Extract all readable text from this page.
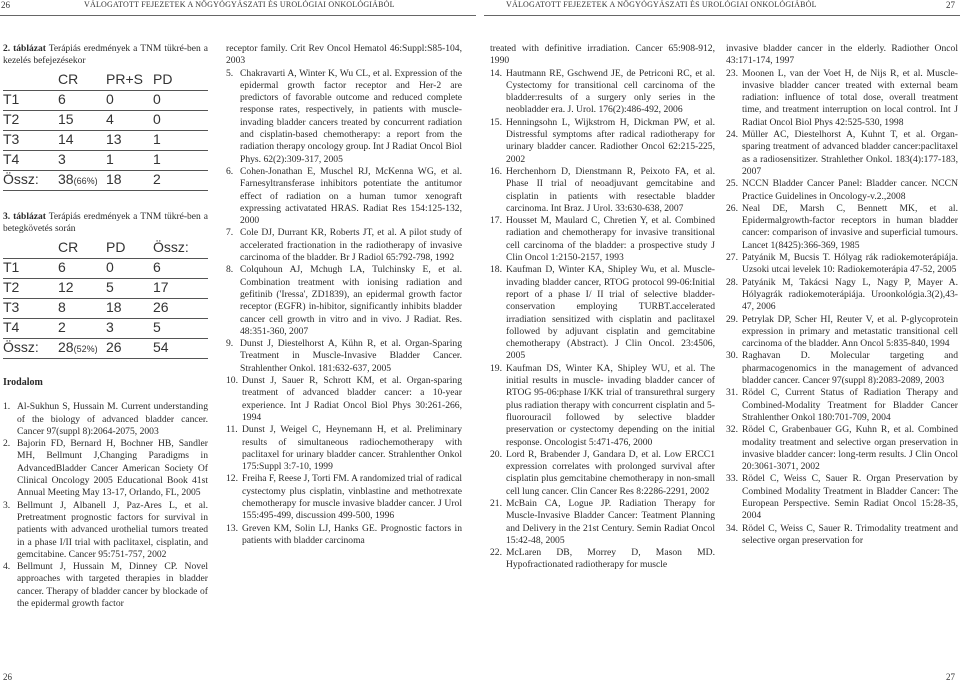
26	VÁLOGATOTT FEJEZETEK A NŐGYÓGYÁSZATI ÉS UROLÓGIAI ONKOLÓGIÁBÓL	VÁLOGATOTT FEJEZETEK A NŐGYÓGYÁSZATI ÉS UROLÓGIAI ONKOLÓGIÁBÓL	27
2. táblázat Terápiás eredmények a TNM tükré-ben a kezelés befejezésekor
CR PR+S PD
T1	6	0	0
T2	15 4	0
T3	14 13 1
T4	3	1	1
Össz: 38(66%) 18 2
3. táblázat Terápiás eredmények a TNM tükré-ben a betegkövetés során
CR PD Össz:
T1	6	0	6
T2	12 5	17
T3	8	18 26
T4	2	3	5
Össz: 28(52%) 26 54
Irodalom
1. Al-Sukhun S, Hussain M. Current understanding of the biology of advanced bladder cancer. Cancer 97(suppl 8):2064-2075, 2003
2. Bajorin FD, Bernard H, Bochner HB, Sandler MH, Bellmunt J,Changing Paradigms in AdvancedBladder Cancer American Society Of Clinical Oncology 2005 Educational Book 41st Annual Meeting May 13-17, Orlando, FL, 2005
3. Bellmunt J, Albanell J, Paz-Ares L, et al. Pretreatment prognostic factors for survival in patients with advanced urothelial tumors treated in a phase I/II trial with paclitaxel, cisplatin, and gemcitabine. Cancer 95:751-757, 2002
4. Bellmunt J, Hussain M, Dinney CP. Novel approaches with targeted therapies in bladder cancer. Therapy of bladder cancer by blockade of the epidermal growth factor
receptor family. Crit Rev Oncol Hematol 46:Suppl:S85-104, 2003
5. Chakravarti A, Winter K, Wu CL, et al. Expression of the epidermal growth factor receptor and Her-2 are predictors of favorable outcome and reduced complete response rates, respectively, in patients with muscle-invading bladder cancers treated by concurrent radiation and cisplatin-based chemotherapy: a report from the radiation therapy oncology group. Int J Radiat Oncol Biol Phys. 62(2):309-317, 2005
6. Cohen-Jonathan E, Muschel RJ, McKenna WG, et al. Farnesyltransferase inhibitors potentiate the antitumor effect of radiation on a human tumor xenograft expressing activatated HRAS. Radiat Res 154:125-132, 2000
7. Cole DJ, Durrant KR, Roberts JT, et al. A pilot study of accelerated fractionation in the radiotherapy of invasive carcinoma of the bladder. Br J Radiol 65:792-798, 1992
8. Colquhoun AJ, Mchugh LA, Tulchinsky E, et al. Combination treatment with ionising radiation and gefitinib ('Iressa', ZD1839), an epidermal growth factor receptor (EGFR) in-hibitor, significantly inhibits bladder cancer cell growth in vitro and in vivo. J Radiat. Res. 48:351-360, 2007
9. Dunst J, Diestelhorst A, Kühn R, et al. Organ-Sparing Treatment in Muscle-Invasive Bladder Cancer. Strahlenther Onkol. 181:632-637, 2005
10. Dunst J, Sauer R, Schrott KM, et al. Organ-sparing treatment of advanced bladder cancer: a 10-year experience. Int J Radiat Oncol Biol Phys 30:261-266, 1994
11. Dunst J, Weigel C, Heynemann H, et al. Preliminary results of simultaneous radiochemotherapy with paclitaxel for urinary bladder cancer. Strahlenther Onkol 175:Suppl 3:7-10, 1999
12. Freiha F, Reese J, Torti FM. A randomized trial of radical cystectomy plus cisplatin, vinblastine and methotrexate chemotherapy for muscle invasive bladder cancer. J Urol 155:495-499, discussion 499-500, 1996
13. Greven KM, Solin LJ, Hanks GE. Prognostic factors in patients with bladder carcinoma
treated with definitive irradiation. Cancer 65:908-912, 1990
14. Hautmann RE, Gschwend JE, de Petriconi RC, et al. Cystectomy for transitional cell carcinoma of the bladder:results of a surgery only series in the neobladder era. J. Urol. 176(2):486-492, 2006
15. Henningsohn L, Wijkstrom H, Dickman PW, et al. Distressful symptoms after radical radiotherapy for urinary bladder cancer. Radiother Oncol 62:215-225, 2002
16. Herchenhorn D, Dienstmann R, Peixoto FA, et al. Phase II trial of neoadjuvant gemcitabine and cisplatin in patients with resectable bladder carcinoma. Int Braz. J Urol. 33:630-638, 2007
17. Housset M, Maulard C, Chretien Y, et al. Combined radiation and chemotherapy for invasive transitional cell carcinoma of the bladder: a prospective study J Clin Oncol 1:2150-2157, 1993
18. Kaufman D, Winter KA, Shipley Wu, et al. Muscle-invading bladder cancer, RTOG protocol 99-06:Initial report of a phase I/ II trial of selective bladder-conservation employing TURBT.accelerated irradiation sensitized with cisplatin and paclitaxel followed by adjuvant cisplatin and gemcitabine chemotherapy (Abstract). J Clin Oncol. 23:4506, 2005
19. Kaufman DS, Winter KA, Shipley WU, et al. The initial results in muscle- invading bladder cancer of RTOG 95-06:phase I/KK trial of transurethral surgery plus radiation therapy with concurrent cisplatin and 5-fluorouracil followed by selective bladder preservation or cystectomy depending on the initial response. Oncologist 5:471-476, 2000
20. Lord R, Brabender J, Gandara D, et al. Low ERCC1 expression correlates with prolonged survival after cisplatin plus gemcitabine chemotherapy in non-small cell lung cancer. Clin Cancer Res 8:2286-2291, 2002
21. McBain CA, Logue JP. Radiation Therapy for Muscle-Invasive Bladder Cancer: Teatment Planning and Delivery in the 21st Century. Semin Radiat Oncol 15:42-48, 2005
22. McLaren DB, Morrey D, Mason MD. Hypofractionated radiotherapy for muscle
invasive bladder cancer in the elderly. Radiother Oncol 43:171-174, 1997
23. Moonen L, van der Voet H, de Nijs R, et al. Muscle-invasive bladder cancer treated with external beam radiation: influence of total dose, overall treatment time, and treatment interruption on local control. Int J Radiat Oncol Biol Phys 42:525-530, 1998
24. Müller AC, Diestelhorst A, Kuhnt T, et al. Organ-sparing treatment of advanced bladder cancer:paclitaxel as a radiosensitizer. Strahlether Onkol. 183(4):177-183, 2007
25. NCCN Bladder Cancer Panel: Bladder cancer. NCCN Practice Guidelines in Oncology-v.2.,2008
26. Neal DE, Marsh C, Bennett MK, et al. Epidermalgrowth-factor receptors in human bladder cancer: comparison of invasive and superficial tumours. Lancet 1(8425):366-369, 1985
27. Patyánik M, Bucsis T. Hólyag rák radiokemoterápiája. Uzsoki utcai levelek 10: Radiokemoterápia 47-52, 2005
28. Patyánik M, Takácsi Nagy L, Nagy P, Mayer A. Hólyagrák radiokemoterápiája. Uroonkológia.3(2),43-47, 2006
29. Petrylak DP, Scher HI, Reuter V, et al. P-glycoprotein expression in primary and metastatic transitional cell carcinoma of the bladder. Ann Oncol 5:835-840, 1994
30. Raghavan D. Molecular targeting and pharmacogenomics in the management of advanced bladder cancer. Cancer 97(suppl 8):2083-2089, 2003
31. Rödel C, Current Status of Radiation Therapy and Combined-Modality Treatment for Bladder Cancer Strahlenther Onkol 180:701-709, 2004
32. Rödel C, Grabenbauer GG, Kuhn R, et al. Combined modality treatment and selective organ preservation in invasive bladder cancer: long-term results. J Clin Oncol 20:3061-3071, 2002
33. Rödel C, Weiss C, Sauer R. Organ Preservation by Combined Modality Treatment in Bladder Cancer: The European Perspective. Semin Radiat Oncol 15:28-35, 2004
34. Rödel C, Weiss C, Sauer R. Trimodality treatment and selective organ preservation for
26	27
